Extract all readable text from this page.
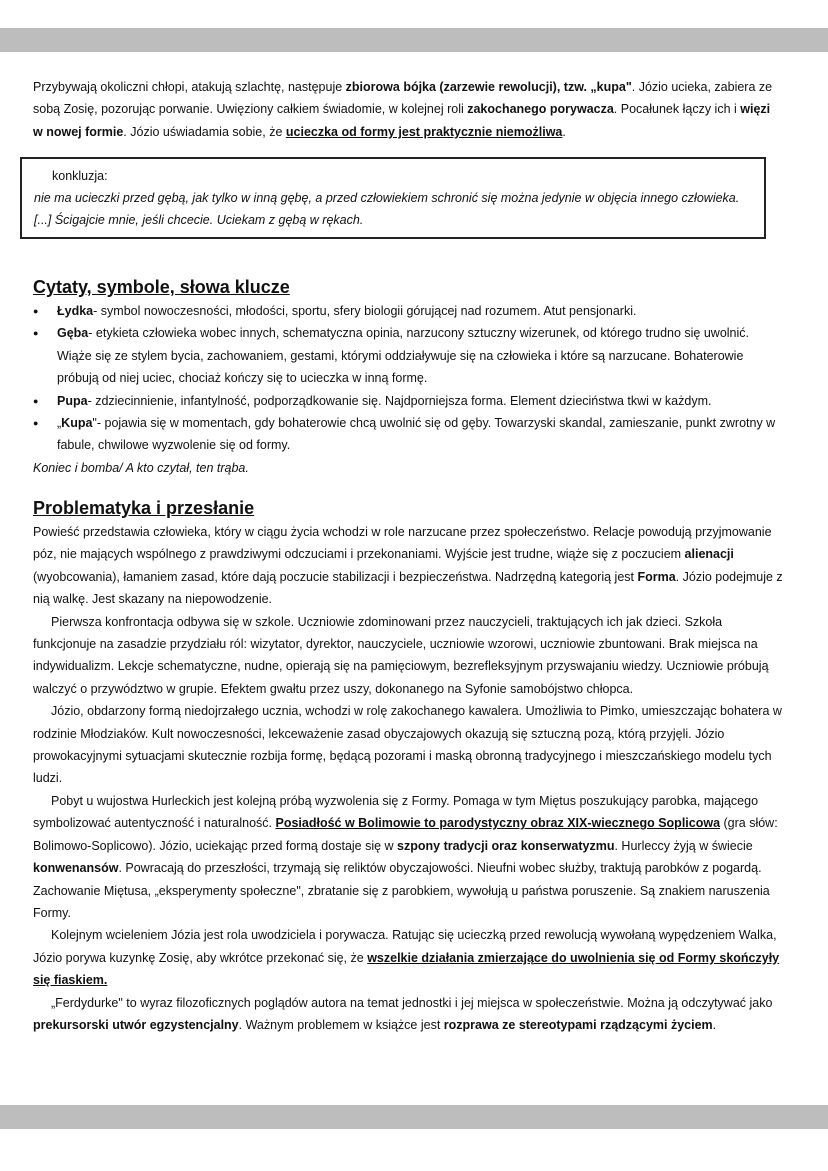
Przybywają okoliczni chłopi, atakują szlachtę, następuje zbiorowa bójka (zarzewie rewolucji), tzw. „kupa". Józio ucieka, zabiera ze sobą Zosię, pozorując porwanie. Uwięziony całkiem świadomie, w kolejnej roli zakochanego porywacza. Pocałunek łączy ich i więzi w nowej formie. Józio uświadamia sobie, że ucieczka od formy jest praktycznie niemożliwa.

konkluzja:
nie ma ucieczki przed gębą, jak tylko w inną gębę, a przed człowiekiem schronić się można jedynie w objęcia innego człowieka. [...] Ścigajcie mnie, jeśli chcecie. Uciekam z gębą w rękach.
Cytaty, symbole, słowa klucze
● Łydka- symbol nowoczesności, młodości, sportu, sfery biologii górującej nad rozumem. Atut pensjonarki.
● Gęba- etykieta człowieka wobec innych, schematyczna opinia, narzucony sztuczny wizerunek, od którego trudno się uwolnić. Wiąże się ze stylem bycia, zachowaniem, gestami, którymi oddziaływuje się na człowieka i które są narzucane. Bohaterowie próbują od niej uciec, chociaż kończy się to ucieczka w inną formę.
● Pupa- zdziecinnienie, infantylność, podporządkowanie się. Najdporniejsza forma. Element dzieciństwa tkwi w każdym.
● „Kupa"- pojawia się w momentach, gdy bohaterowie chcą uwolnić się od gęby. Towarzyski skandal, zamieszanie, punkt zwrotny w fabule, chwilowe wyzwolenie się od formy.

Koniec i bomba/ A kto czytał, ten trąba.

Problematyka i przesłanie

Powieść przedstawia człowieka, który w ciągu życia wchodzi w role narzucane przez społeczeństwo. Relacje powodują przyjmowanie póz, nie mających wspólnego z prawdziwymi odczuciami i przekonaniami. Wyjście jest trudne, wiąże się z poczuciem alienacji (wyobcowania), łamaniem zasad, które dają poczucie stabilizacji i bezpieczeństwa. Nadrzędną kategorią jest Forma. Józio podejmuje z nią walkę. Jest skazany na niepowodzenie.

Pierwsza konfrontacja odbywa się w szkole. Uczniowie zdominowani przez nauczycieli, traktujących ich jak dzieci. Szkoła funkcjonuje na zasadzie przydziału ról: wizytator, dyrektor, nauczyciele, uczniowie wzorowi, uczniowie zbuntowani. Brak miejsca na indywidualizm. Lekcje schematyczne, nudne, opierają się na pamięciowym, bezrefleksyjnym przyswajaniu wiedzy. Uczniowie próbują walczyć o przywództwo w grupie. Efektem gwałtu przez uszy, dokonanego na Syfonie samobójstwo chłopca.

Józio, obdarzony formą niedojrzałego ucznia, wchodzi w rolę zakochanego kawalera. Umożliwia to Pimko, umieszczając bohatera w rodzinie Młodziaków. Kult nowoczesności, lekceważenie zasad obyczajowych okazują się sztuczną pozą, którą przyjęli. Józio prowokacyjnymi sytuacjami skutecznie rozbija formę, będącą pozorami i maską obronną tradycyjnego i mieszczańskiego modelu tych ludzi.

Pobyt u wujostwa Hurleckich jest kolejną próbą wyzwolenia się z Formy. Pomaga w tym Miętus poszukujący parobka, mającego symbolizować autentyczność i naturalność. Posiadłość w Bolimowie to parodystyczny obraz XIX-wiecznego Soplicowa (gra słów: Bolimowo-Soplicowo). Józio, uciekając przed formą dostaje się w szpony tradycji oraz konserwatyzmu. Hurleccy żyją w świecie konwenansów. Powracają do przeszłości, trzymają się reliktów obyczajowości. Nieufni wobec służby, traktują parobków z pogardą. Zachowanie Miętusa, „eksperymenty społeczne", zbratanie się z parobkiem, wywołują u państwa poruszenie. Są znakiem naruszenia Formy.

Kolejnym wcieleniem Józia jest rola uwodziciela i porywacza. Ratując się ucieczką przed rewolucją wywołaną wypędzeniem Walka, Józio porywa kuzynkę Zosię, aby wkrótce przekonać się, że wszelkie działania zmierzające do uwolnienia się od Formy skończyły się fiaskiem.

„Ferdydurke" to wyraz filozoficznych poglądów autora na temat jednostki i jej miejsca w społeczeństwie. Można ją odczytywać jako prekursorski utwór egzystencjalny. Ważnym problemem w książce jest rozprawa ze stereotypami rządzącymi życiem.
